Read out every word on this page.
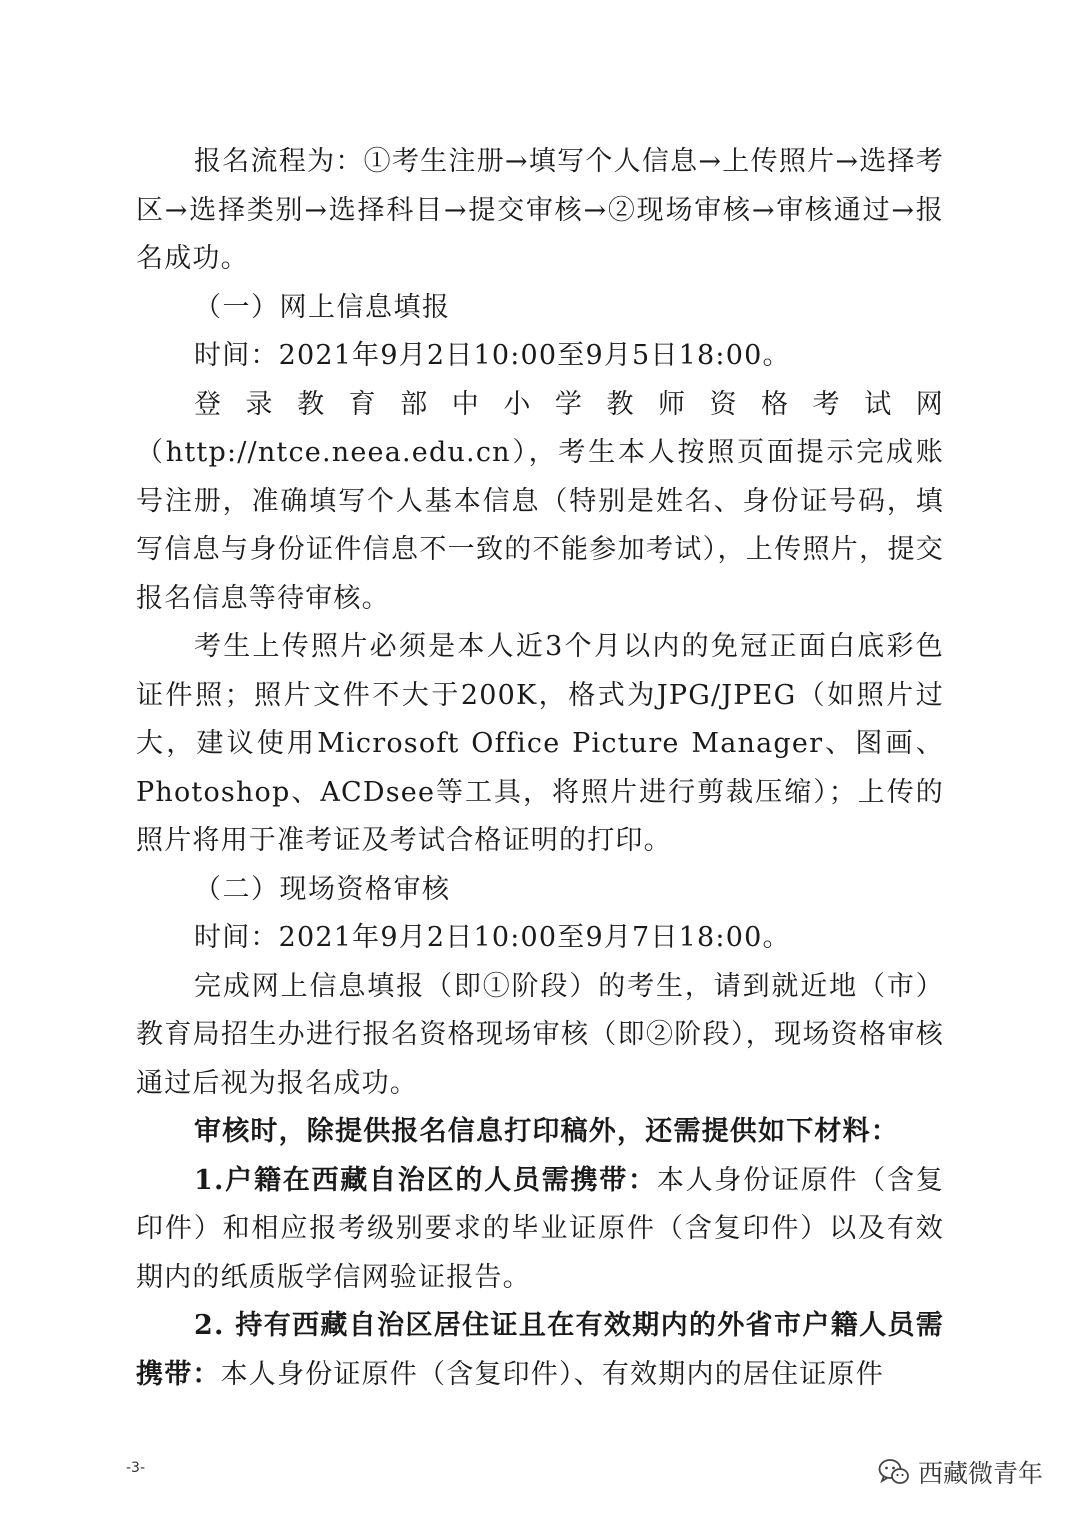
报名流程为：①考生注册→填写个人信息→上传照片→选择考区→选择类别→选择科目→提交审核→②现场审核→审核通过→报名成功。

（一）网上信息填报

时间：2021年9月2日10:00至9月5日18:00。

登录教育部中小学教师资格考试网（http://ntce.neea.edu.cn），考生本人按照页面提示完成账号注册，准确填写个人基本信息（特别是姓名、身份证号码，填写信息与身份证件信息不一致的不能参加考试），上传照片，提交报名信息等待审核。

考生上传照片必须是本人近3个月以内的免冠正面白底彩色证件照；照片文件不大于200K，格式为JPG/JPEG（如照片过大，建议使用Microsoft Office Picture Manager、图画、Photoshop、ACDsee等工具，将照片进行剪裁压缩）；上传的照片将用于准考证及考试合格证明的打印。

（二）现场资格审核

时间：2021年9月2日10:00至9月7日18:00。

完成网上信息填报（即①阶段）的考生，请到就近地（市）教育局招生办进行报名资格现场审核（即②阶段），现场资格审核通过后视为报名成功。

审核时，除提供报名信息打印稿外，还需提供如下材料：

1.户籍在西藏自治区的人员需携带：本人身份证原件（含复印件）和相应报考级别要求的毕业证原件（含复印件）以及有效期内的纸质版学信网验证报告。

2. 持有西藏自治区居住证且在有效期内的外省市户籍人员需携带：本人身份证原件（含复印件）、有效期内的居住证原件

-3-	西藏微青年
